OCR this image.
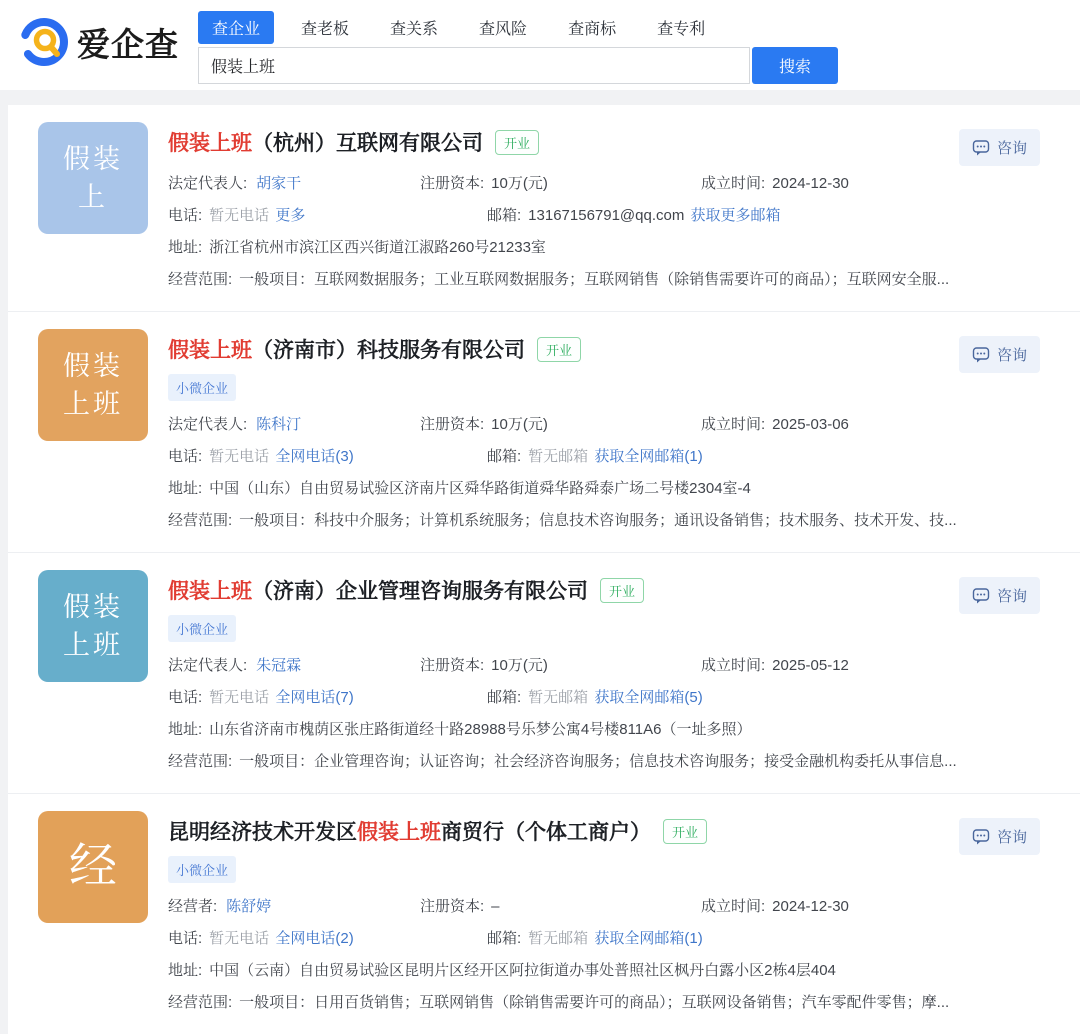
爱企查	查企业	查老板	查关系	查风险	查商标	查专利
假装上班
搜索
假装
上
假装上班（杭州）互联网有限公司	开业
法定代表人: 胡家干	注册资本: 10万(元)	成立时间: 2024-12-30
电话: 暂无电话 更多	邮箱: 13167156791@qq.com 获取更多邮箱
地址: 浙江省杭州市滨江区西兴街道江淑路260号21233室
经营范围: 一般项目：互联网数据服务；工业互联网数据服务；互联网销售（除销售需要许可的商品）；互联网安全服...
咨询
假装
上班
假装上班（济南市）科技服务有限公司	开业
小微企业
法定代表人: 陈科汀	注册资本: 10万(元)	成立时间: 2025-03-06
电话: 暂无电话 全网电话(3)	邮箱: 暂无邮箱 获取全网邮箱(1)
地址: 中国（山东）自由贸易试验区济南片区舜华路街道舜华路舜泰广场二号楼2304室-4
经营范围: 一般项目：科技中介服务；计算机系统服务；信息技术咨询服务；通讯设备销售；技术服务、技术开发、技...
咨询
假装
上班
假装上班（济南）企业管理咨询服务有限公司	开业
小微企业
法定代表人: 朱冠霖	注册资本: 10万(元)	成立时间: 2025-05-12
电话: 暂无电话 全网电话(7)	邮箱: 暂无邮箱 获取全网邮箱(5)
地址: 山东省济南市槐荫区张庄路街道经十路28988号乐梦公寓4号楼811A6（一址多照）
经营范围: 一般项目：企业管理咨询；认证咨询；社会经济咨询服务；信息技术咨询服务；接受金融机构委托从事信息...
咨询
经
昆明经济技术开发区假装上班商贸行（个体工商户）	开业
小微企业
经营者: 陈舒婷	注册资本: –	成立时间: 2024-12-30
电话: 暂无电话 全网电话(2)	邮箱: 暂无邮箱 获取全网邮箱(1)
地址: 中国（云南）自由贸易试验区昆明片区经开区阿拉街道办事处普照社区枫丹白露小区2栋4层404
经营范围: 一般项目：日用百货销售；互联网销售（除销售需要许可的商品）；互联网设备销售；汽车零配件零售；摩...
咨询
